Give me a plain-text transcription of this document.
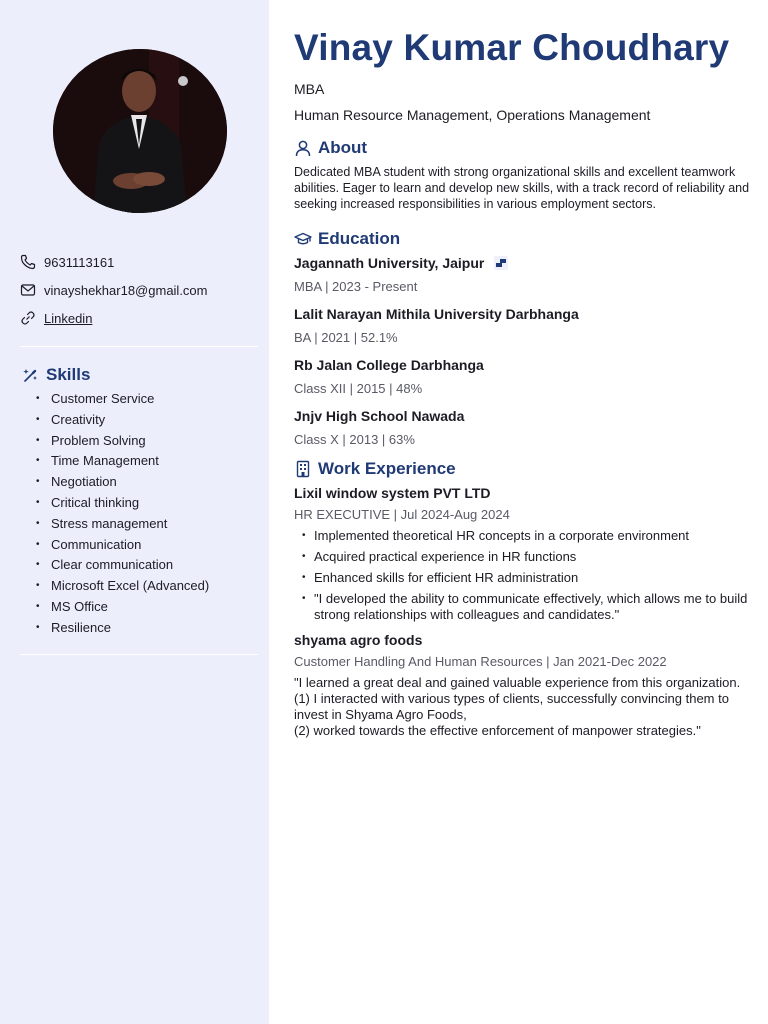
9631113161
vinayshekhar18@gmail.com
Linkedin
Skills
• Customer Service
• Creativity
• Problem Solving
• Time Management
• Negotiation
• Critical thinking
• Stress management
• Communication
• Clear communication
• Microsoft Excel (Advanced)
• MS Office
• Resilience
Vinay Kumar Choudhary
MBA
Human Resource Management, Operations Management
About

Dedicated MBA student with strong organizational skills and excellent teamwork abilities. Eager to learn and develop new skills, with a track record of reliability and seeking increased responsibilities in various employment sectors.

Education
Jagannath University, Jaipur
MBA | 2023 - Present
Lalit Narayan Mithila University Darbhanga
BA | 2021 | 52.1%
Rb Jalan College Darbhanga
Class XII | 2015 | 48%
Jnjv High School Nawada
Class X | 2013 | 63%
Work Experience
Lixil window system PVT LTD
HR EXECUTIVE | Jul 2024-Aug 2024
• Implemented theoretical HR concepts in a corporate environment
• Acquired practical experience in HR functions
• Enhanced skills for efficient HR administration
• "I developed the ability to communicate effectively, which allows me to build strong relationships with colleagues and candidates."
shyama agro foods
Customer Handling And Human Resources | Jan 2021-Dec 2022
"I learned a great deal and gained valuable experience from this organization.
(1) I interacted with various types of clients, successfully convincing them to invest in Shyama Agro Foods,
(2) worked towards the effective enforcement of manpower strategies."
